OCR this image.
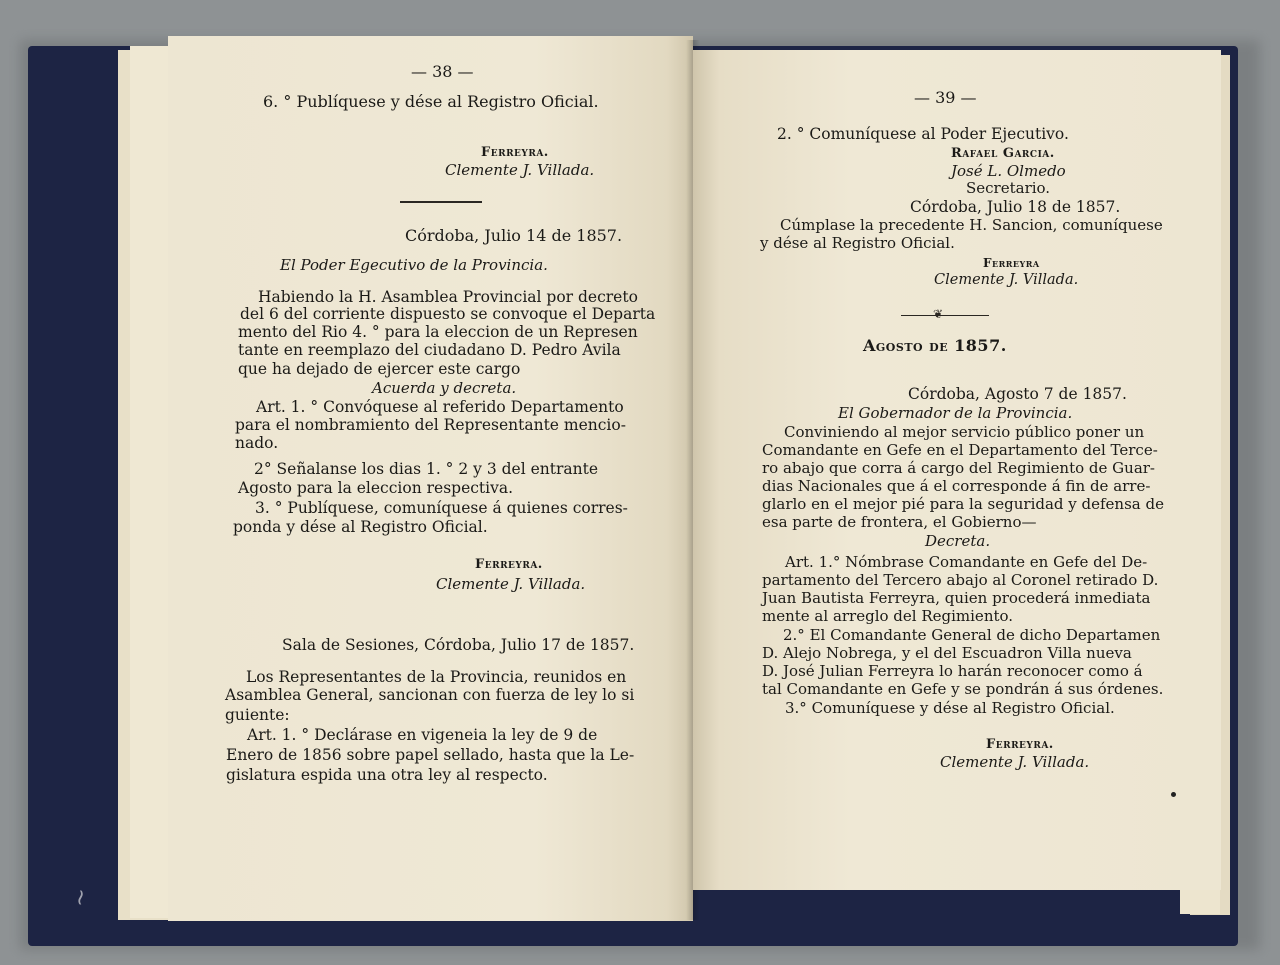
~
— 38 —
6. ° Publíquese y dése al Registro Oficial.
Ferreyra.
Clemente J. Villada.
Córdoba, Julio 14 de 1857.
El Poder Egecutivo de la Provincia.
Habiendo la H. Asamblea Provincial por decreto
del 6 del corriente dispuesto se convoque el Departa
mento del Rio 4. ° para la eleccion de un Represen
tante en reemplazo del ciudadano D. Pedro Avila
que ha dejado de ejercer este cargo
Acuerda y decreta.
Art. 1. ° Convóquese al referido Departamento
para el nombramiento del Representante mencio-
nado.
2° Señalanse los dias 1. ° 2 y 3 del entrante
Agosto para la eleccion respectiva.
3. ° Publíquese, comuníquese á quienes corres-
ponda y dése al Registro Oficial.
Ferreyra.
Clemente J. Villada.
Sala de Sesiones, Córdoba, Julio 17 de 1857.
Los Representantes de la Provincia, reunidos en
Asamblea General, sancionan con fuerza de ley lo si
guiente:
Art. 1. ° Declárase en vigeneia la ley de 9 de
Enero de 1856 sobre papel sellado, hasta que la Le-
gislatura espida una otra ley al respecto.
— 39 —
2. ° Comuníquese al Poder Ejecutivo.
Rafael Garcia.
José L. Olmedo
Secretario.
Córdoba, Julio 18 de 1857.
Cúmplase la precedente H. Sancion, comuníquese
y dése al Registro Oficial.
Ferreyra
Clemente J. Villada.
❦
Agosto de 1857.
Córdoba, Agosto 7 de 1857.
El Gobernador de la Provincia.
Conviniendo al mejor servicio público poner un
Comandante en Gefe en el Departamento del Terce-
ro abajo que corra á cargo del Regimiento de Guar-
dias Nacionales que á el corresponde á fin de arre-
glarlo en el mejor pié para la seguridad y defensa de
esa parte de frontera, el Gobierno—
Decreta.
Art. 1.° Nómbrase Comandante en Gefe del De-
partamento del Tercero abajo al Coronel retirado D.
Juan Bautista Ferreyra, quien procederá inmediata
mente al arreglo del Regimiento.
2.° El Comandante General de dicho Departamen
D. Alejo Nobrega, y el del Escuadron Villa nueva
D. José Julian Ferreyra lo harán reconocer como á
tal Comandante en Gefe y se pondrán á sus órdenes.
3.° Comuníquese y dése al Registro Oficial.
Ferreyra.
Clemente J. Villada.
